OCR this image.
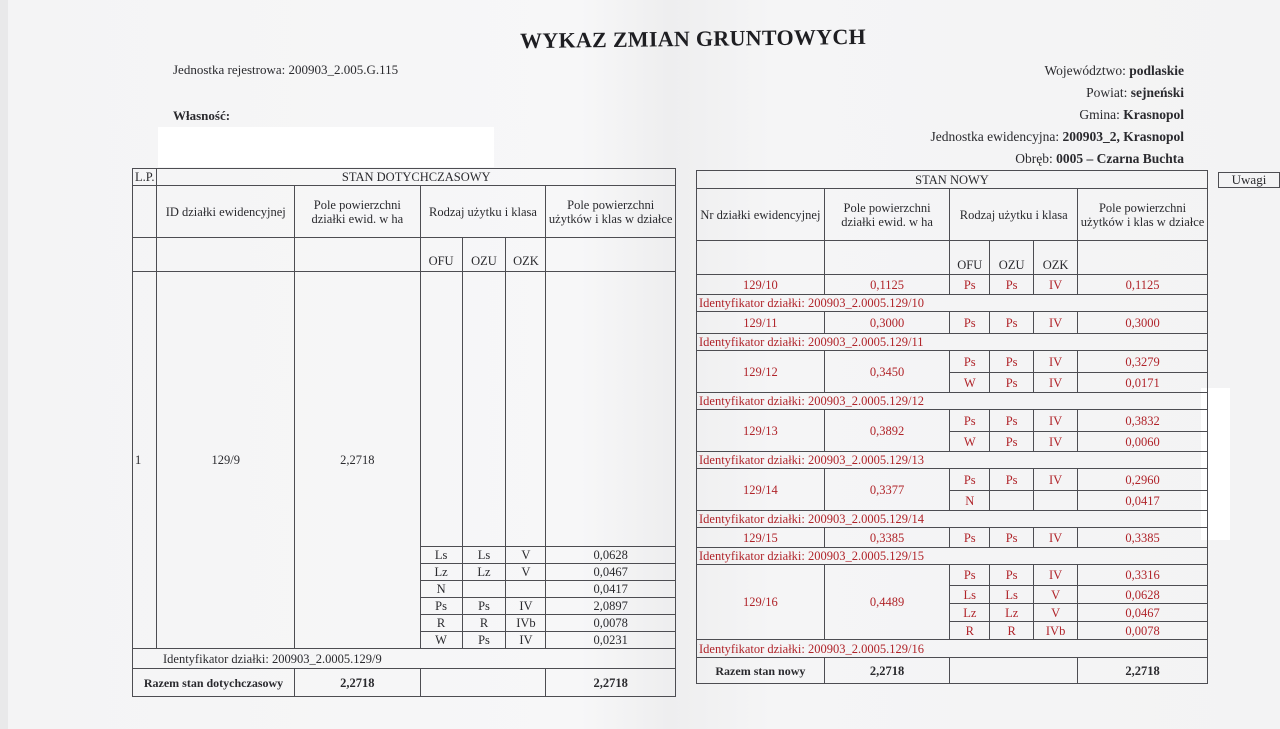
WYKAZ ZMIAN GRUNTOWYCH
Jednostka rejestrowa: 200903_2.005.G.115
Własność:
Województwo: podlaskie
Powiat: sejneński
Gmina: Krasnopol
Jednostka ewidencyjna: 200903_2, Krasnopol
Obręb: 0005 – Czarna Buchta
L.P.	STAN DOTYCHCZASOWY					
	ID działki ewidencyjnej	Pole powierzchni działki ewid. w ha	Rodzaj użytku i klasa			Pole powierzchni użytków i klas w działce
			OFU	OZU	OZK	
1	129/9	2,2718				
			Ls	Ls	V	0,0628
			Lz	Lz	V	0,0467
			N			0,0417
			Ps	Ps	IV	2,0897
			R	R	IVb	0,0078
			W	Ps	IV	0,0231
Identyfikator działki: 200903_2.0005.129/9						
Razem stan dotychczasowy		2,2718				2,2718
Uwagi
STAN NOWY					
Nr działki ewidencyjnej	Pole powierzchni działki ewid. w ha	Rodzaj użytku i klasa			Pole powierzchni użytków i klas w działce
		OFU	OZU	OZK	
129/10	0,1125	Ps	Ps	IV	0,1125
Identyfikator działki: 200903_2.0005.129/10					
129/11	0,3000	Ps	Ps	IV	0,3000
Identyfikator działki: 200903_2.0005.129/11					
129/12	0,3450	Ps	Ps	IV	0,3279
		W	Ps	IV	0,0171
Identyfikator działki: 200903_2.0005.129/12					
129/13	0,3892	Ps	Ps	IV	0,3832
		W	Ps	IV	0,0060
Identyfikator działki: 200903_2.0005.129/13					
129/14	0,3377	Ps	Ps	IV	0,2960
		N			0,0417
Identyfikator działki: 200903_2.0005.129/14					
129/15	0,3385	Ps	Ps	IV	0,3385
Identyfikator działki: 200903_2.0005.129/15					
129/16	0,4489	Ps	Ps	IV	0,3316
		Ls	Ls	V	0,0628
		Lz	Lz	V	0,0467
		R	R	IVb	0,0078
Identyfikator działki: 200903_2.0005.129/16					
Razem stan nowy	2,2718				2,2718
